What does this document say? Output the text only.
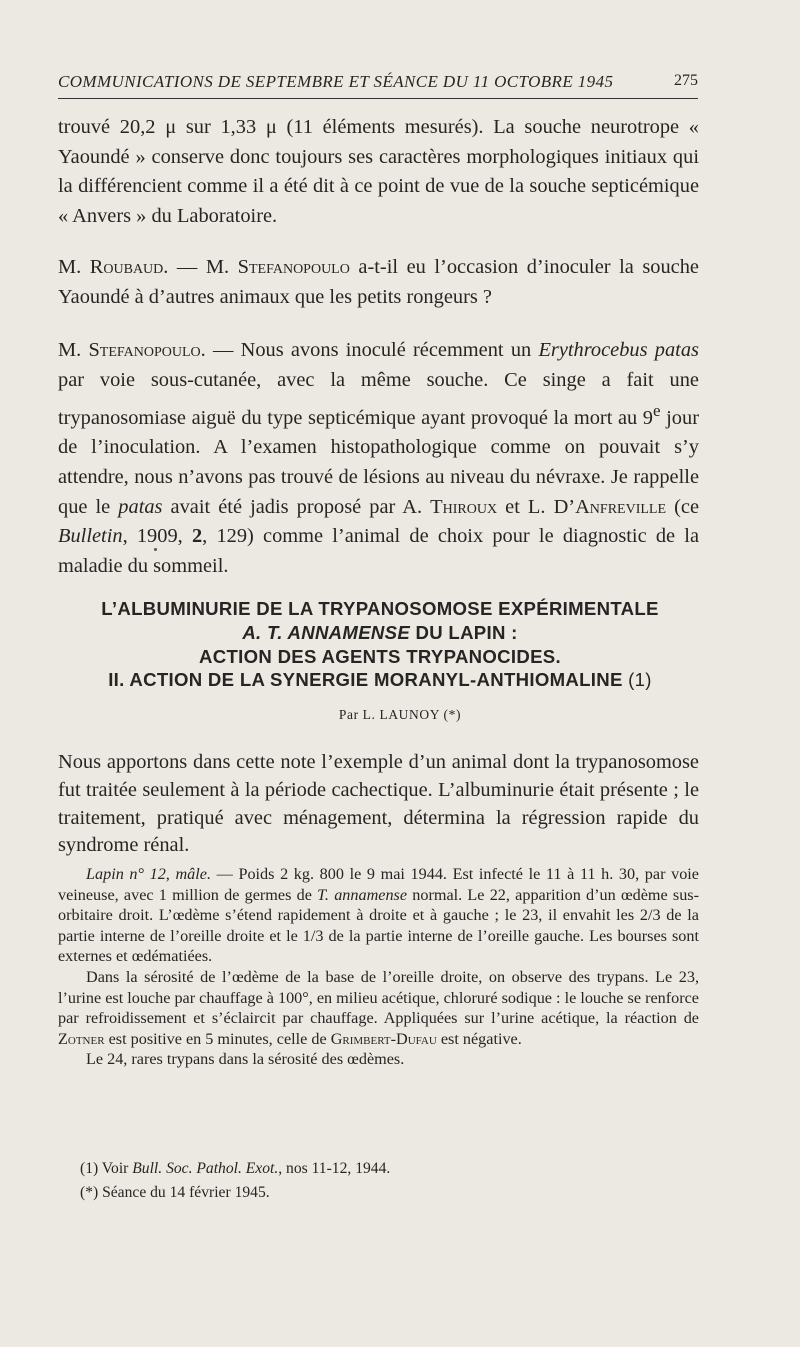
COMMUNICATIONS DE SEPTEMBRE ET SÉANCE DU 11 OCTOBRE 1945	275

trouvé 20,2 μ sur 1,33 μ (11 éléments mesurés). La souche neurotrope « Yaoundé » conserve donc toujours ses caractères morphologiques initiaux qui la différencient comme il a été dit à ce point de vue de la souche septicémique « Anvers » du Laboratoire.

M. Roubaud. — M. Stefanopoulo a-t-il eu l’occasion d’inoculer la souche Yaoundé à d’autres animaux que les petits rongeurs ?

M. Stefanopoulo. — Nous avons inoculé récemment un Erythrocebus patas par voie sous-cutanée, avec la même souche. Ce singe a fait une trypanosomiase aiguë du type septicémique ayant provoqué la mort au 9e jour de l’inoculation. A l’examen histopathologique comme on pouvait s’y attendre, nous n’avons pas trouvé de lésions au niveau du névraxe. Je rappelle que le patas avait été jadis proposé par A. Thiroux et L. D’Anfreville (ce Bulletin, 1909, 2, 129) comme l’animal de choix pour le diagnostic de la maladie du sommeil.

L’ALBUMINURIE DE LA TRYPANOSOMOSE EXPÉRIMENTALE
A. T. ANNAMENSE DU LAPIN :
ACTION DES AGENTS TRYPANOCIDES.
II. ACTION DE LA SYNERGIE MORANYL-ANTHIOMALINE (1)
Par L. LAUNOY (*)

Nous apportons dans cette note l’exemple d’un animal dont la trypanosomose fut traitée seulement à la période cachectique. L’albuminurie était présente ; le traitement, pratiqué avec ménagement, détermina la régression rapide du syndrome rénal.

Lapin n° 12, mâle. — Poids 2 kg. 800 le 9 mai 1944. Est infecté le 11 à 11 h. 30, par voie veineuse, avec 1 million de germes de T. annamense normal. Le 22, apparition d’un œdème sus-orbitaire droit. L’œdème s’étend rapidement à droite et à gauche ; le 23, il envahit les 2/3 de la partie interne de l’oreille droite et le 1/3 de la partie interne de l’oreille gauche. Les bourses sont externes et œdématiées.

Dans la sérosité de l’œdème de la base de l’oreille droite, on observe des trypans. Le 23, l’urine est louche par chauffage à 100°, en milieu acétique, chloruré sodique : le louche se renforce par refroidissement et s’éclaircit par chauffage. Appliquées sur l’urine acétique, la réaction de Zotner est positive en 5 minutes, celle de Grimbert-Dufau est négative.

Le 24, rares trypans dans la sérosité des œdèmes.

(1) Voir Bull. Soc. Pathol. Exot., nos 11-12, 1944.
(*) Séance du 14 février 1945.
